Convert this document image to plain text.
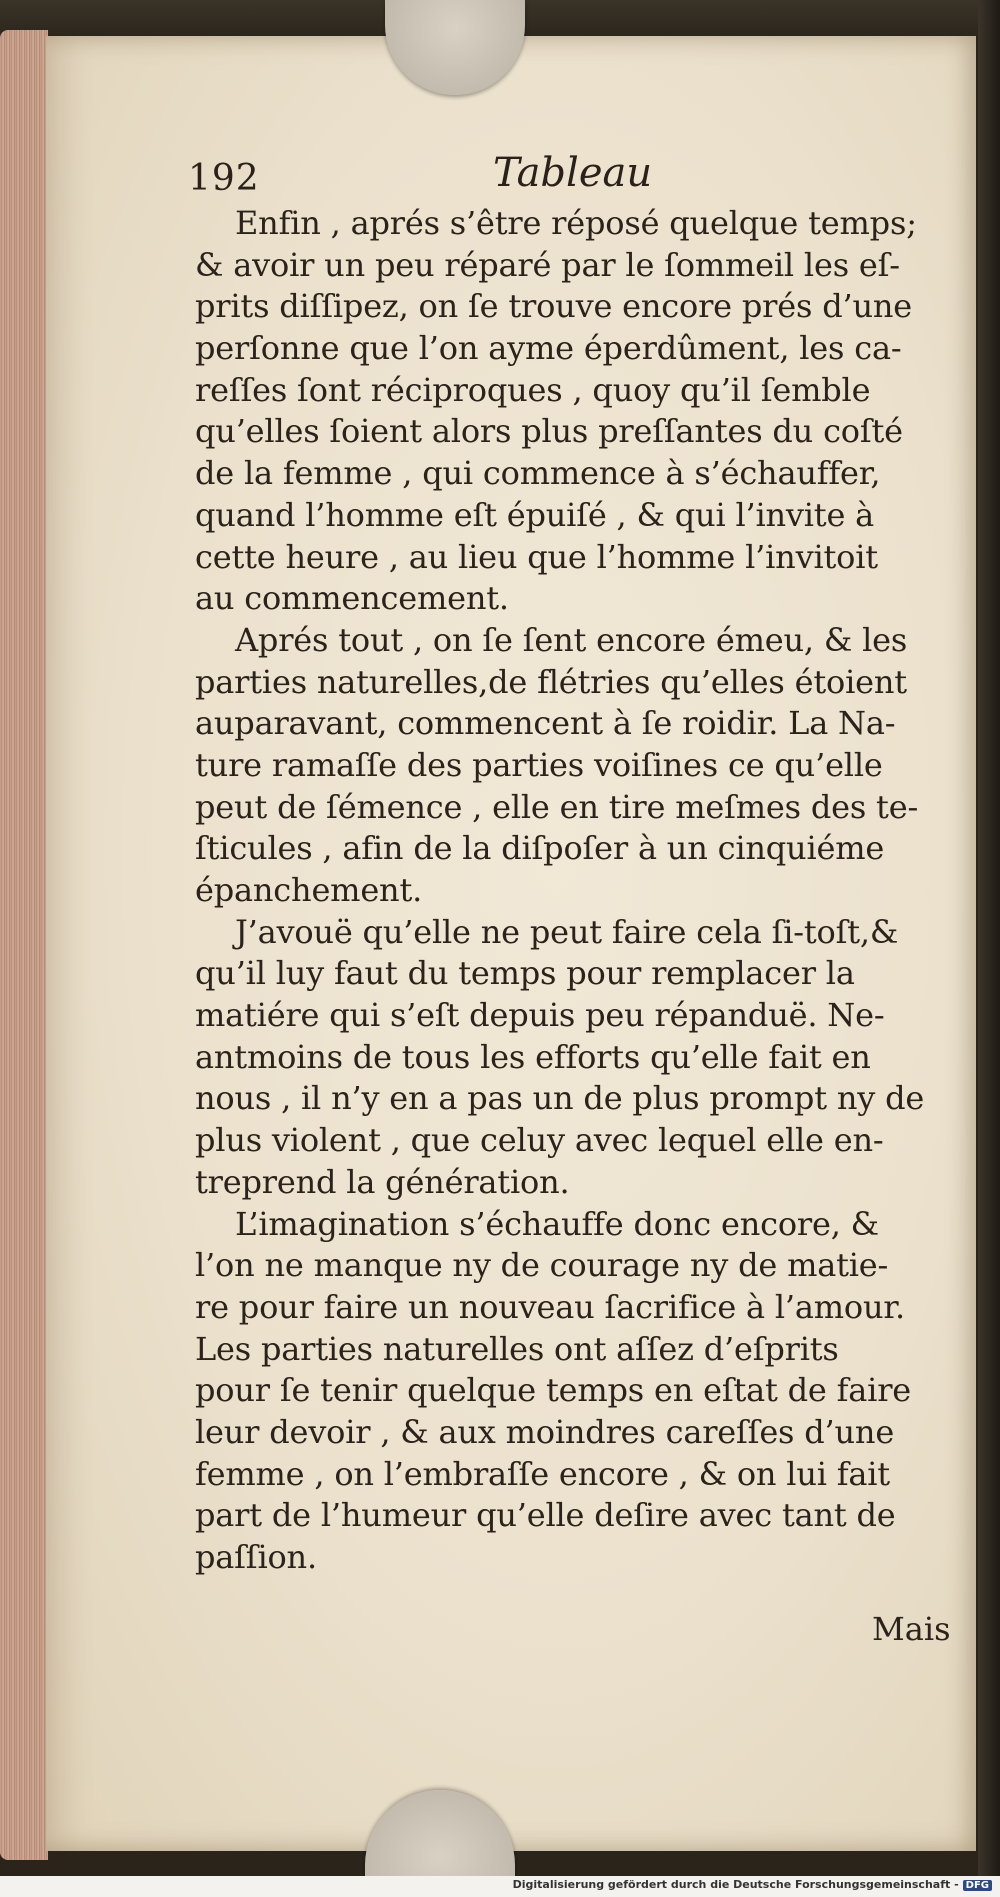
192	Tableau
Enfin , aprés s’être réposé quelque temps;
& avoir un peu réparé par le ſommeil les eſ-
prits diſſipez, on ſe trouve encore prés d’une
perſonne que l’on ayme éperdûment, les ca-
reſſes ſont réciproques , quoy qu’il ſemble
qu’elles ſoient alors plus preſſantes du coſté
de la femme , qui commence à s’échauffer,
quand l’homme eſt épuiſé , & qui l’invite à
cette heure , au lieu que l’homme l’invitoit
au commencement.
Aprés tout , on ſe ſent encore émeu, & les
parties naturelles,de flétries qu’elles étoient
auparavant, commencent à ſe roidir. La Na-
ture ramaſſe des parties voiſines ce qu’elle
peut de ſémence , elle en tire meſmes des te-
ſticules , afin de la diſpoſer à un cinquiéme
épanchement.
J’avouë qu’elle ne peut faire cela ſi-toſt,&
qu’il luy faut du temps pour remplacer la
matiére qui s’eſt depuis peu répanduë. Ne-
antmoins de tous les efforts qu’elle fait en
nous , il n’y en a pas un de plus prompt ny de
plus violent , que celuy avec lequel elle en-
treprend la génération.
L’imagination s’échauffe donc encore, &
l’on ne manque ny de courage ny de matie-
re pour faire un nouveau ſacrifice à l’amour.
Les parties naturelles ont aſſez d’eſprits
pour ſe tenir quelque temps en eſtat de faire
leur devoir , & aux moindres careſſes d’une
femme , on l’embraſſe encore , & on lui fait
part de l’humeur qu’elle deſire avec tant de
paſſion.
Mais
Digitalisierung gefördert durch die Deutsche Forschungsgemeinschaft - DFG
